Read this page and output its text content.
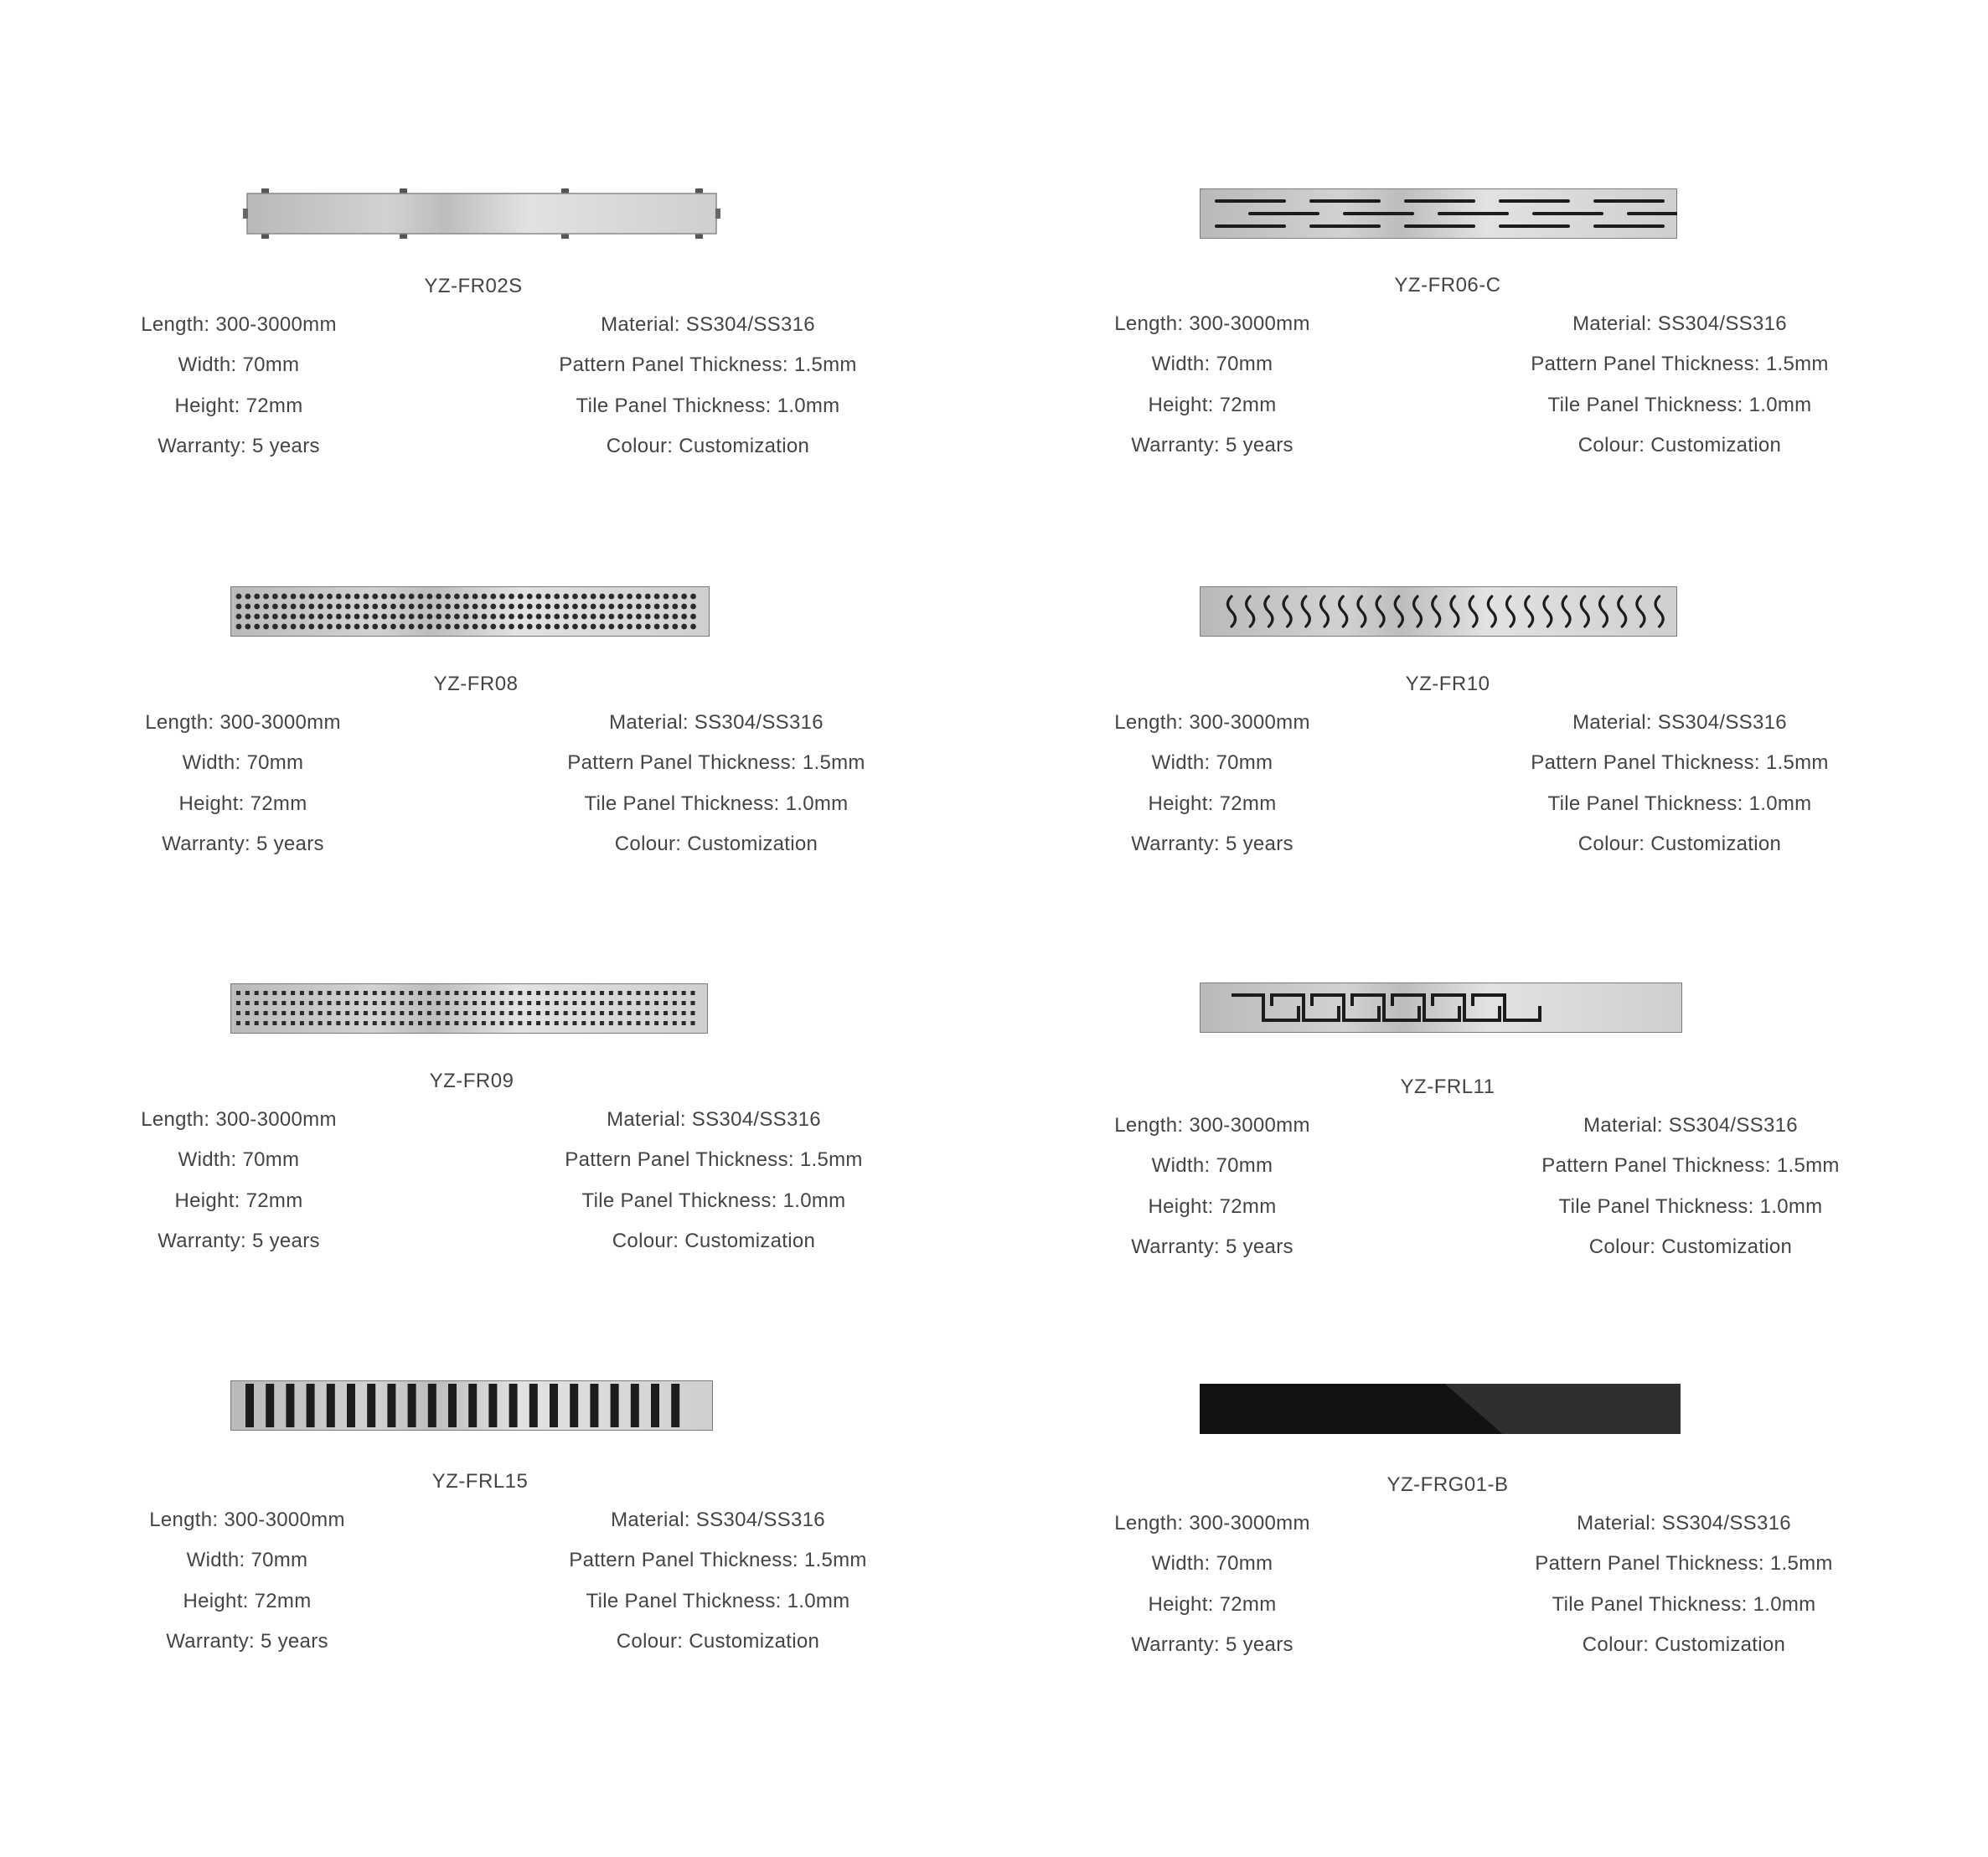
YZ-FR02S
Length: 300-3000mm
Width: 70mm
Height: 72mm
Warranty: 5 years
Material: SS304/SS316
Pattern Panel Thickness: 1.5mm
Tile Panel Thickness: 1.0mm
Colour: Customization
YZ-FR06-C
Length: 300-3000mm
Width: 70mm
Height: 72mm
Warranty: 5 years
Material: SS304/SS316
Pattern Panel Thickness: 1.5mm
Tile Panel Thickness: 1.0mm
Colour: Customization
YZ-FR08
Length: 300-3000mm
Width: 70mm
Height: 72mm
Warranty: 5 years
Material: SS304/SS316
Pattern Panel Thickness: 1.5mm
Tile Panel Thickness: 1.0mm
Colour: Customization
YZ-FR10
Length: 300-3000mm
Width: 70mm
Height: 72mm
Warranty: 5 years
Material: SS304/SS316
Pattern Panel Thickness: 1.5mm
Tile Panel Thickness: 1.0mm
Colour: Customization
YZ-FR09
Length: 300-3000mm
Width: 70mm
Height: 72mm
Warranty: 5 years
Material: SS304/SS316
Pattern Panel Thickness: 1.5mm
Tile Panel Thickness: 1.0mm
Colour: Customization
YZ-FRL11
Length: 300-3000mm
Width: 70mm
Height: 72mm
Warranty: 5 years
Material: SS304/SS316
Pattern Panel Thickness: 1.5mm
Tile Panel Thickness: 1.0mm
Colour: Customization
YZ-FRL15
Length: 300-3000mm
Width: 70mm
Height: 72mm
Warranty: 5 years
Material: SS304/SS316
Pattern Panel Thickness: 1.5mm
Tile Panel Thickness: 1.0mm
Colour: Customization
YZ-FRG01-B
Length: 300-3000mm
Width: 70mm
Height: 72mm
Warranty: 5 years
Material: SS304/SS316
Pattern Panel Thickness: 1.5mm
Tile Panel Thickness: 1.0mm
Colour: Customization
